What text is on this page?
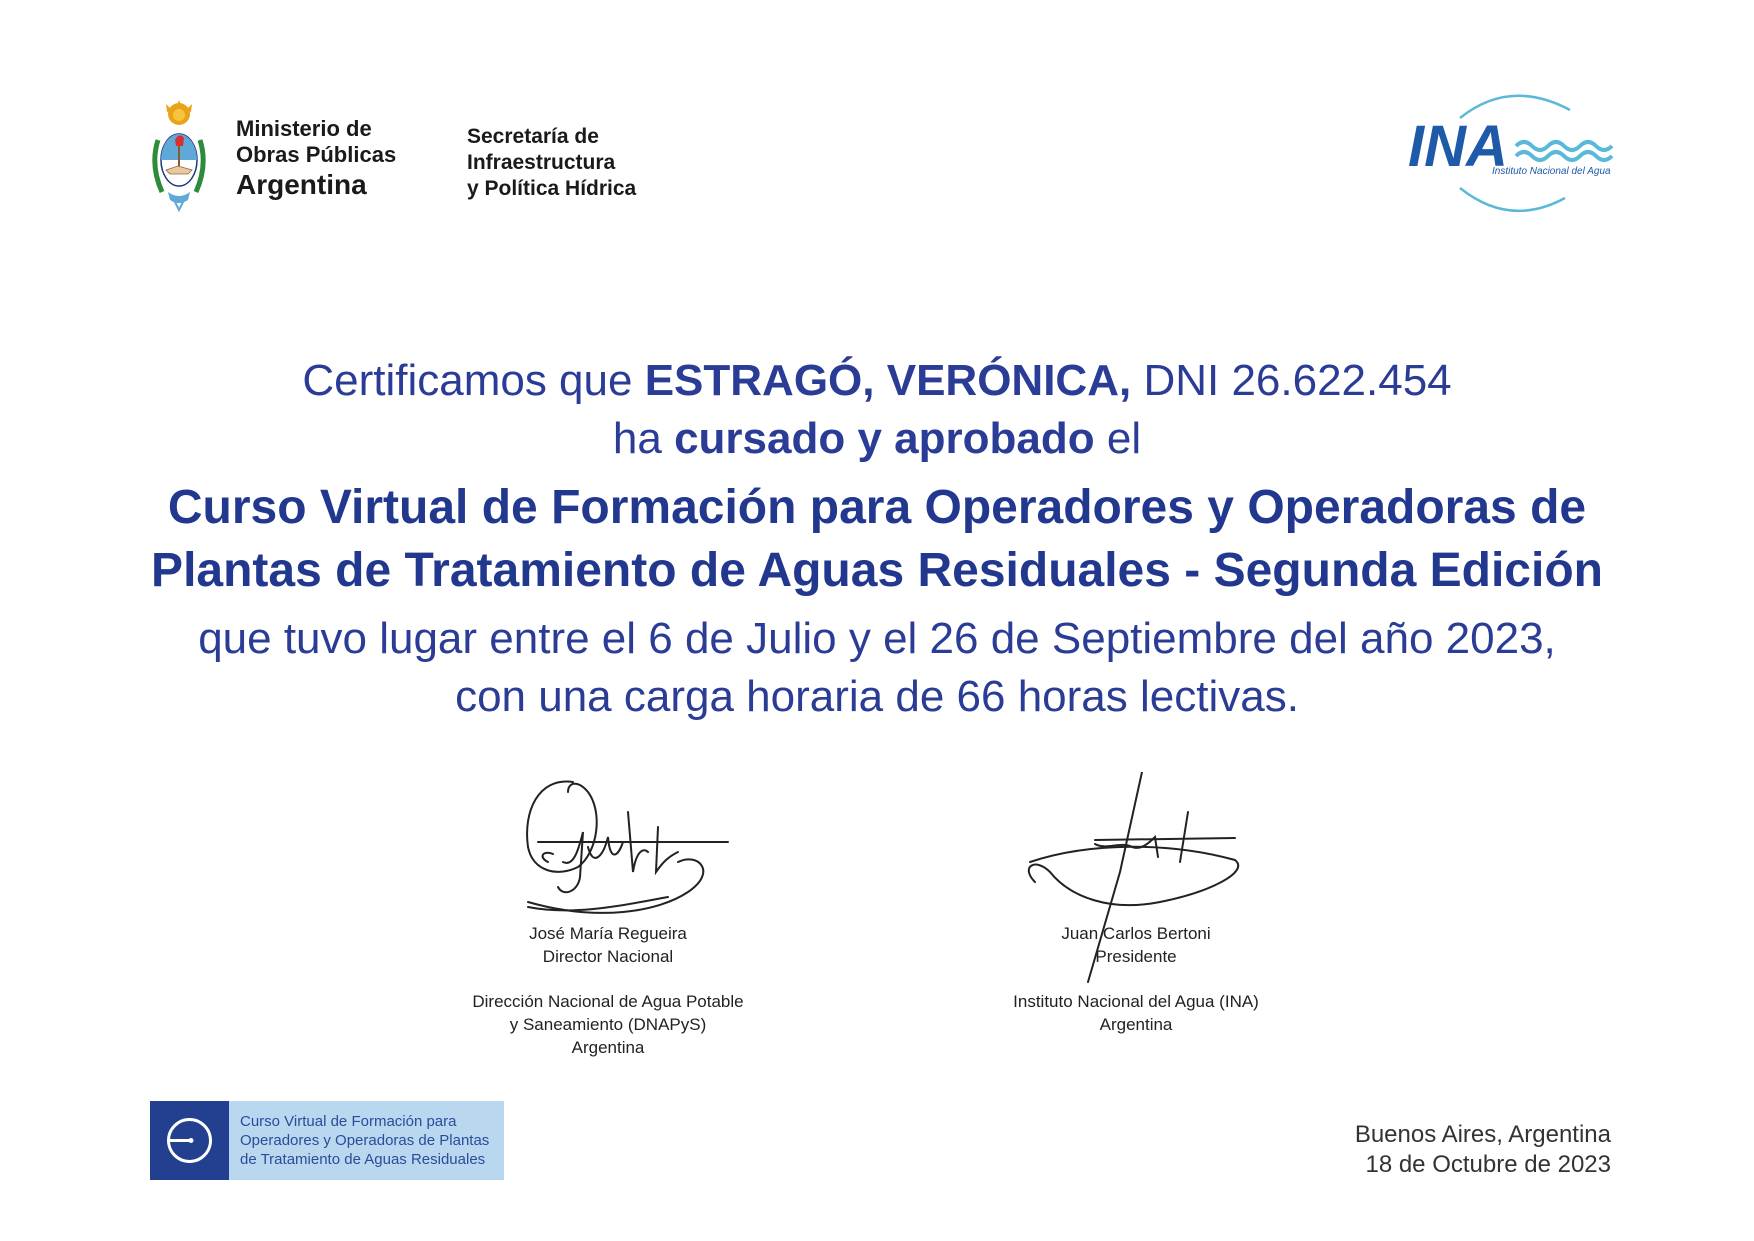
Ministerio de
Obras Públicas
Argentina
Secretaría de
Infraestructura
y Política Hídrica
INA
Instituto Nacional del Agua
Certificamos que ESTRAGÓ, VERÓNICA, DNI 26.622.454
ha cursado y aprobado el
Curso Virtual de Formación para Operadores y Operadoras de
Plantas de Tratamiento de Aguas Residuales - Segunda Edición
que tuvo lugar entre el 6 de Julio y el 26 de Septiembre del año 2023,
con una carga horaria de 66 horas lectivas.
José María Regueira
Director Nacional
Dirección Nacional de Agua Potable
y Saneamiento (DNAPyS)
Argentina
Juan Carlos Bertoni
Presidente
Instituto Nacional del Agua (INA)
Argentina
Curso Virtual de Formación para
Operadores y Operadoras de Plantas
de Tratamiento de Aguas Residuales
Buenos Aires, Argentina
18 de Octubre de 2023
